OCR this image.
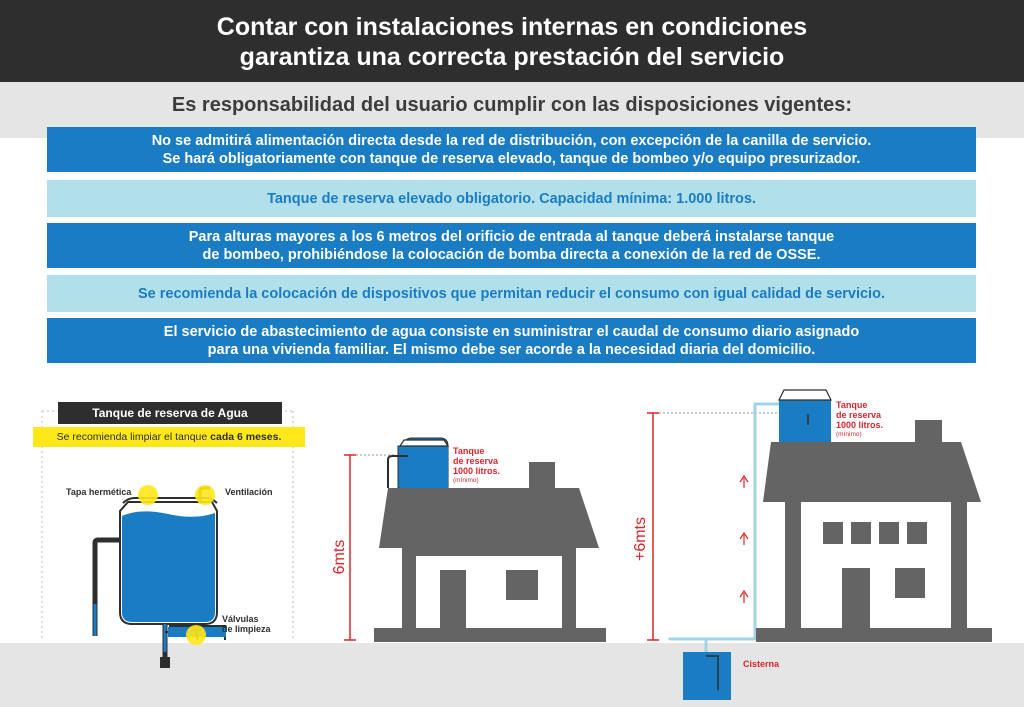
Contar con instalaciones internas en condiciones
garantiza una correcta prestación del servicio
Es responsabilidad del usuario cumplir con las disposiciones vigentes:
No se admitirá alimentación directa desde la red de distribución, con excepción de la canilla de servicio.
Se hará obligatoriamente con tanque de reserva elevado, tanque de bombeo y/o equipo presurizador.
Tanque de reserva elevado obligatorio. Capacidad mínima: 1.000 litros.
Para alturas mayores a los 6 metros del orificio de entrada al tanque deberá instalarse tanque
de bombeo, prohibiéndose la colocación de bomba directa a conexión de la red de OSSE.
Se recomienda la colocación de dispositivos que permitan reducir el consumo con igual calidad de servicio.
El servicio de abastecimiento de agua consiste en suministrar el caudal de consumo diario asignado
para una vivienda familiar. El mismo debe ser acorde a la necesidad diaria del domicilio.
Tanque de reserva de Agua
Se recomienda limpiar el tanque cada 6 meses.
Tapa hermética	Ventilación
Válvulas
de limpieza
Tanque
de reserva
1000 litros.
(mínimo)
Tanque
de reserva
1000 litros.
(mínimo)
Cisterna
6mts	+6mts
